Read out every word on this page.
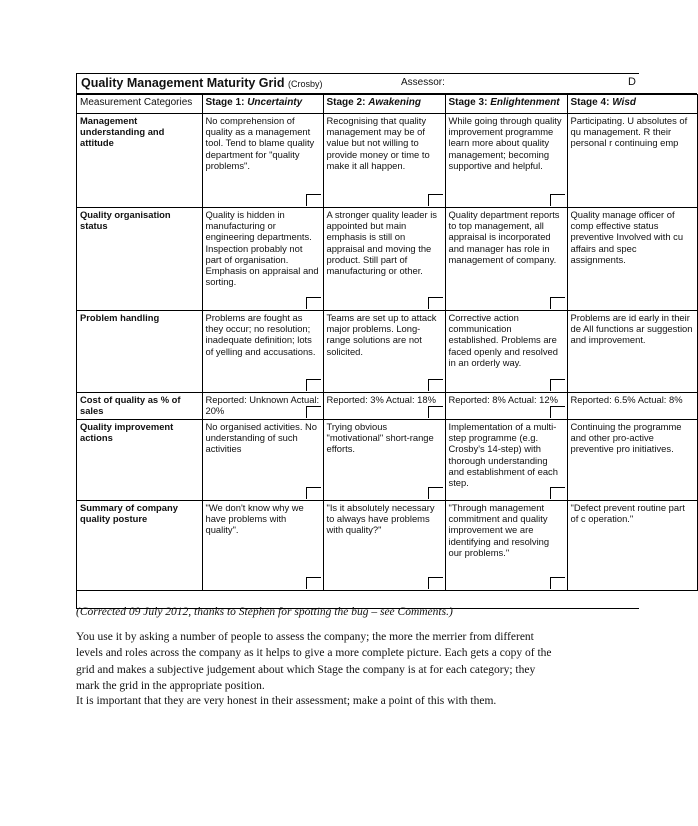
Quality Management Maturity Grid (Crosby)	Assessor:	D
Measurement Categories	Stage 1: Uncertainty	Stage 2: Awakening	Stage 3: Enlightenment	Stage 4: Wisd
Management understanding and attitude	No comprehension of quality as a management tool. Tend to blame quality department for "quality problems".	Recognising that quality management may be of value but not willing to provide money or time to make it all happen.	While going through quality improvement programme learn more about quality management; becoming supportive and helpful.	Participating. U absolutes of qu management. R their personal r continuing emp
Quality organisation status	Quality is hidden in manufacturing or engineering departments. Inspection probably not part of organisation. Emphasis on appraisal and sorting.	A stronger quality leader is appointed but main emphasis is still on appraisal and moving the product. Still part of manufacturing or other.	Quality department reports to top management, all appraisal is incorporated and manager has role in management of company.	Quality manage officer of comp effective status preventive Involved with cu affairs and spec assignments.
Problem handling	Problems are fought as they occur; no resolution; inadequate definition; lots of yelling and accusations.	Teams are set up to attack major problems. Long-range solutions are not solicited.	Corrective action communication established. Problems are faced openly and resolved in an orderly way.	Problems are id early in their de All functions ar suggestion and improvement.
Cost of quality as % of sales	Reported: Unknown Actual: 20%	Reported: 3% Actual: 18%	Reported: 8% Actual: 12%	Reported: 6.5% Actual: 8%
Quality improvement actions	No organised activities. No understanding of such activities	Trying obvious "motivational" short-range efforts.	Implementation of a multi-step programme (e.g. Crosby's 14-step) with thorough understanding and establishment of each step.	Continuing the programme and other pro-active preventive pro initiatives.
Summary of company quality posture	"We don't know why we have problems with quality".	"Is it absolutely necessary to always have problems with quality?"	"Through management commitment and quality improvement we are identifying and resolving our problems."	"Defect prevent routine part of c operation."
(Corrected 09 July 2012, thanks to Stephen for spotting the bug – see Comments.)
You use it by asking a number of people to assess the company; the more the merrier from different levels and roles across the company as it helps to give a more complete picture. Each gets a copy of the grid and makes a subjective judgement about which Stage the company is at for each category; they mark the grid in the appropriate position.
It is important that they are very honest in their assessment; make a point of this with them.
